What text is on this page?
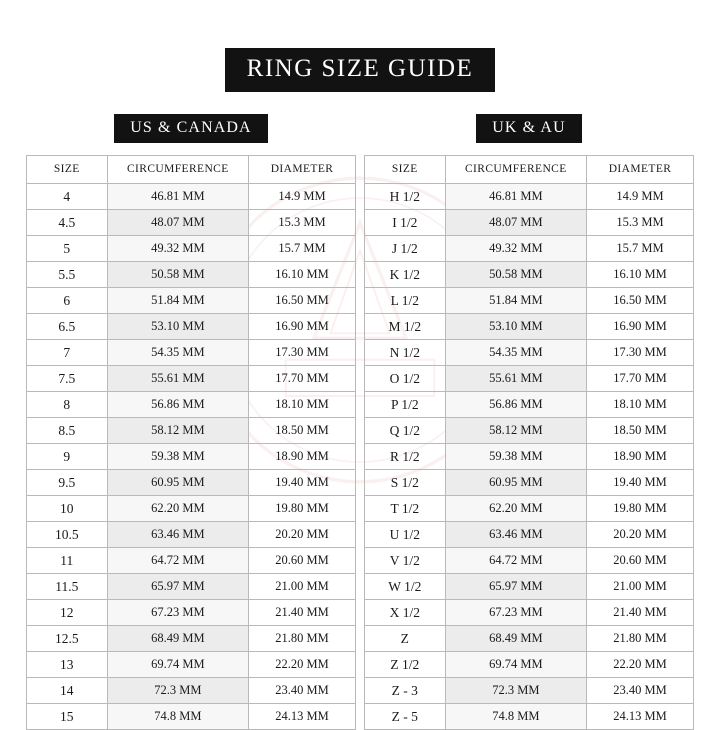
RING SIZE GUIDE
US & CANADA
SIZE	CIRCUMFERENCE	DIAMETER
4	46.81 MM	14.9 MM
4.5	48.07 MM	15.3 MM
5	49.32 MM	15.7 MM
5.5	50.58 MM	16.10 MM
6	51.84 MM	16.50 MM
6.5	53.10 MM	16.90 MM
7	54.35 MM	17.30 MM
7.5	55.61 MM	17.70 MM
8	56.86 MM	18.10 MM
8.5	58.12 MM	18.50 MM
9	59.38 MM	18.90 MM
9.5	60.95 MM	19.40 MM
10	62.20 MM	19.80 MM
10.5	63.46 MM	20.20 MM
11	64.72 MM	20.60 MM
11.5	65.97 MM	21.00 MM
12	67.23 MM	21.40 MM
12.5	68.49 MM	21.80 MM
13	69.74 MM	22.20 MM
14	72.3 MM	23.40 MM
15	74.8 MM	24.13 MM
UK & AU
SIZE	CIRCUMFERENCE	DIAMETER
H 1/2	46.81 MM	14.9 MM
I 1/2	48.07 MM	15.3 MM
J 1/2	49.32 MM	15.7 MM
K 1/2	50.58 MM	16.10 MM
L 1/2	51.84 MM	16.50 MM
M 1/2	53.10 MM	16.90 MM
N 1/2	54.35 MM	17.30 MM
O 1/2	55.61 MM	17.70 MM
P 1/2	56.86 MM	18.10 MM
Q 1/2	58.12 MM	18.50 MM
R 1/2	59.38 MM	18.90 MM
S 1/2	60.95 MM	19.40 MM
T 1/2	62.20 MM	19.80 MM
U 1/2	63.46 MM	20.20 MM
V 1/2	64.72 MM	20.60 MM
W 1/2	65.97 MM	21.00 MM
X 1/2	67.23 MM	21.40 MM
Z	68.49 MM	21.80 MM
Z 1/2	69.74 MM	22.20 MM
Z - 3	72.3 MM	23.40 MM
Z - 5	74.8 MM	24.13 MM
